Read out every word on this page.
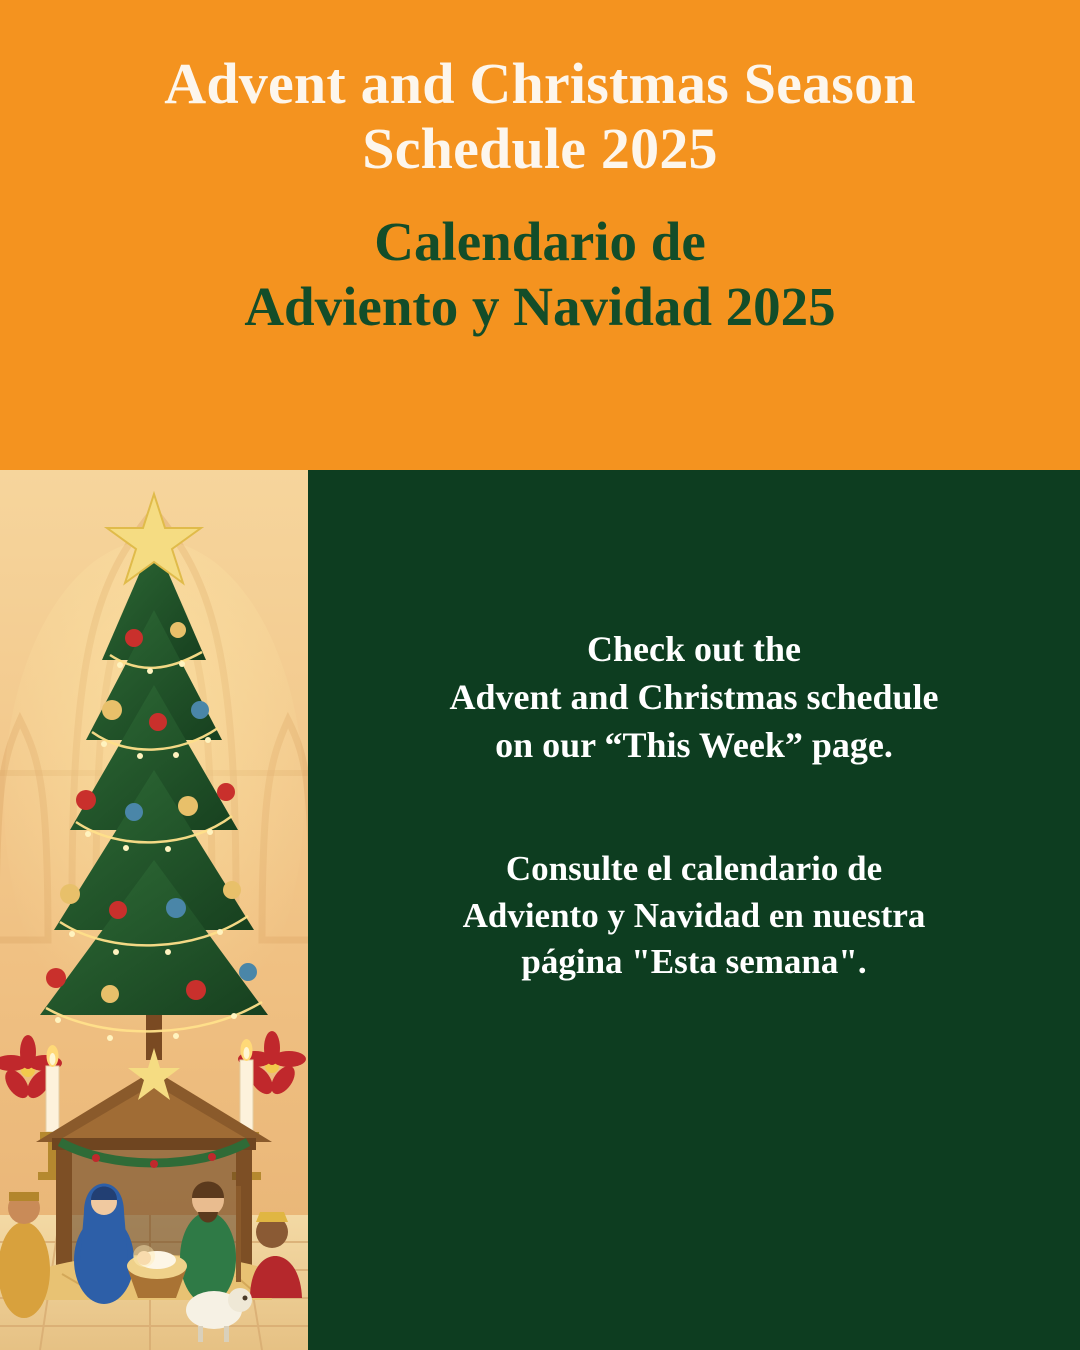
Advent and Christmas Season
Schedule 2025
Calendario de
Adviento y Navidad 2025
Check out the
Advent and Christmas schedule
on our “This Week” page.
Consulte el calendario de
Adviento y Navidad en nuestra
página "Esta semana".
